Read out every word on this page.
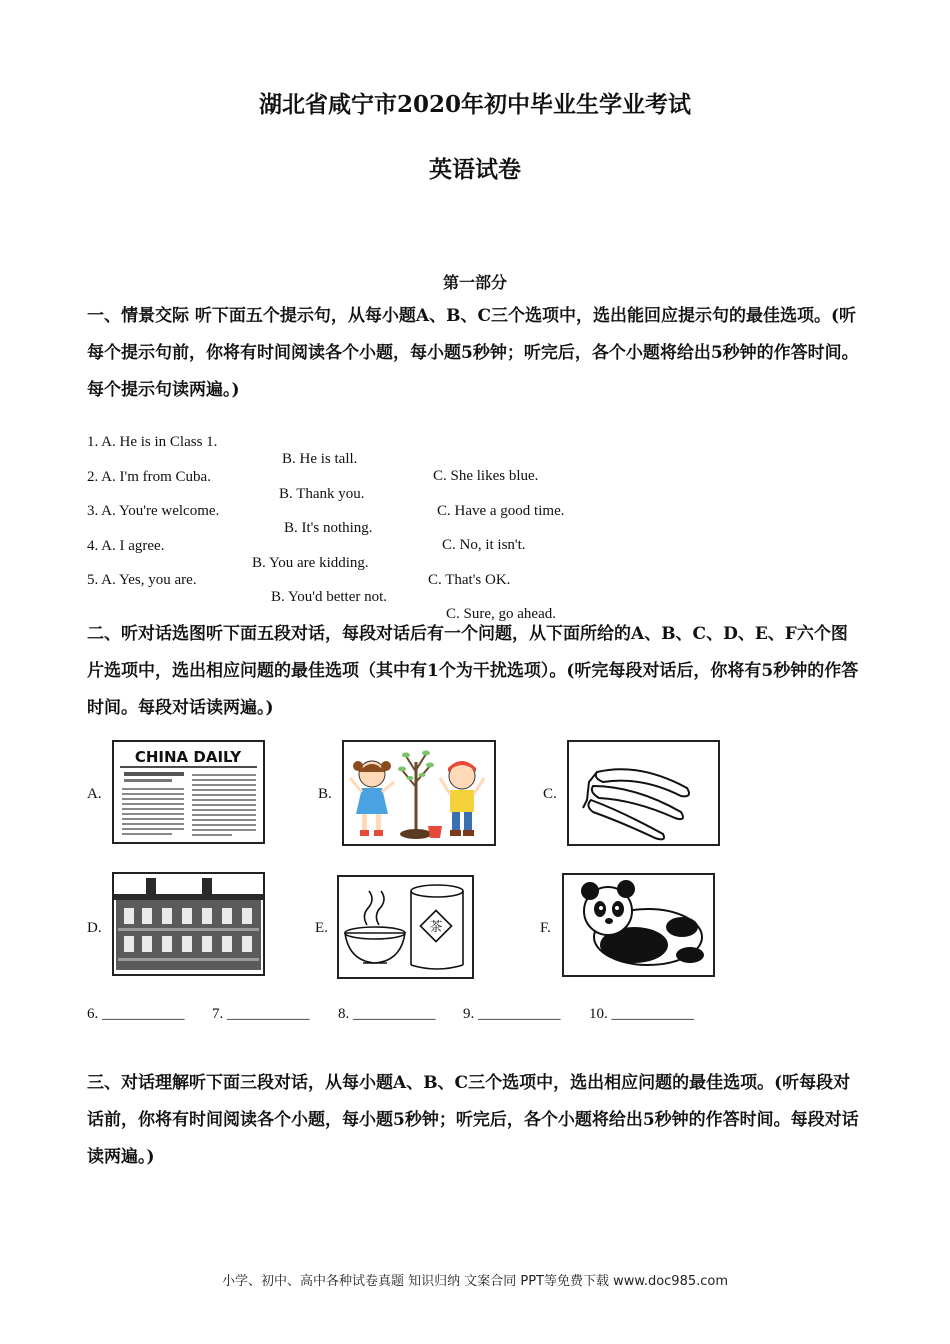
湖北省咸宁市2020年初中毕业生学业考试
英语试卷
第一部分
一、情景交际 听下面五个提示句，从每小题A、B、C三个选项中，选出能回应提示句的最佳选项。(听每个提示句前，你将有时间阅读各个小题，每小题5秒钟；听完后，各个小题将给出5秒钟的作答时间。每个提示句读两遍。)

1. A. He is in Class 1.

B. He is tall.

C. She likes blue.

2. A. I'm from Cuba.

B. Thank you.

C. Have a good time.

3. A. You're welcome.

B. It's nothing.

C. No, it isn't.

4. A. I agree.

B. You are kidding.

C. That's OK.

5. A. Yes, you are.

B. You'd better not.

C. Sure, go ahead.

二、听对话选图听下面五段对话，每段对话后有一个问题，从下面所给的A、B、C、D、E、F六个图片选项中，选出相应问题的最佳选项（其中有1个为干扰选项）。(听完每段对话后，你将有5秒钟的作答时间。每段对话读两遍。)
A.
CHINA DAILY
B.	C.
D.	E.	茶	F.
6. ___________ 7. ___________ 8. ___________ 9. ___________ 10. ___________
三、对话理解听下面三段对话，从每小题A、B、C三个选项中，选出相应问题的最佳选项。(听每段对话前，你将有时间阅读各个小题，每小题5秒钟；听完后，各个小题将给出5秒钟的作答时间。每段对话读两遍。)
小学、初中、高中各种试卷真题 知识归纳 文案合同 PPT等免费下载 www.doc985.com
